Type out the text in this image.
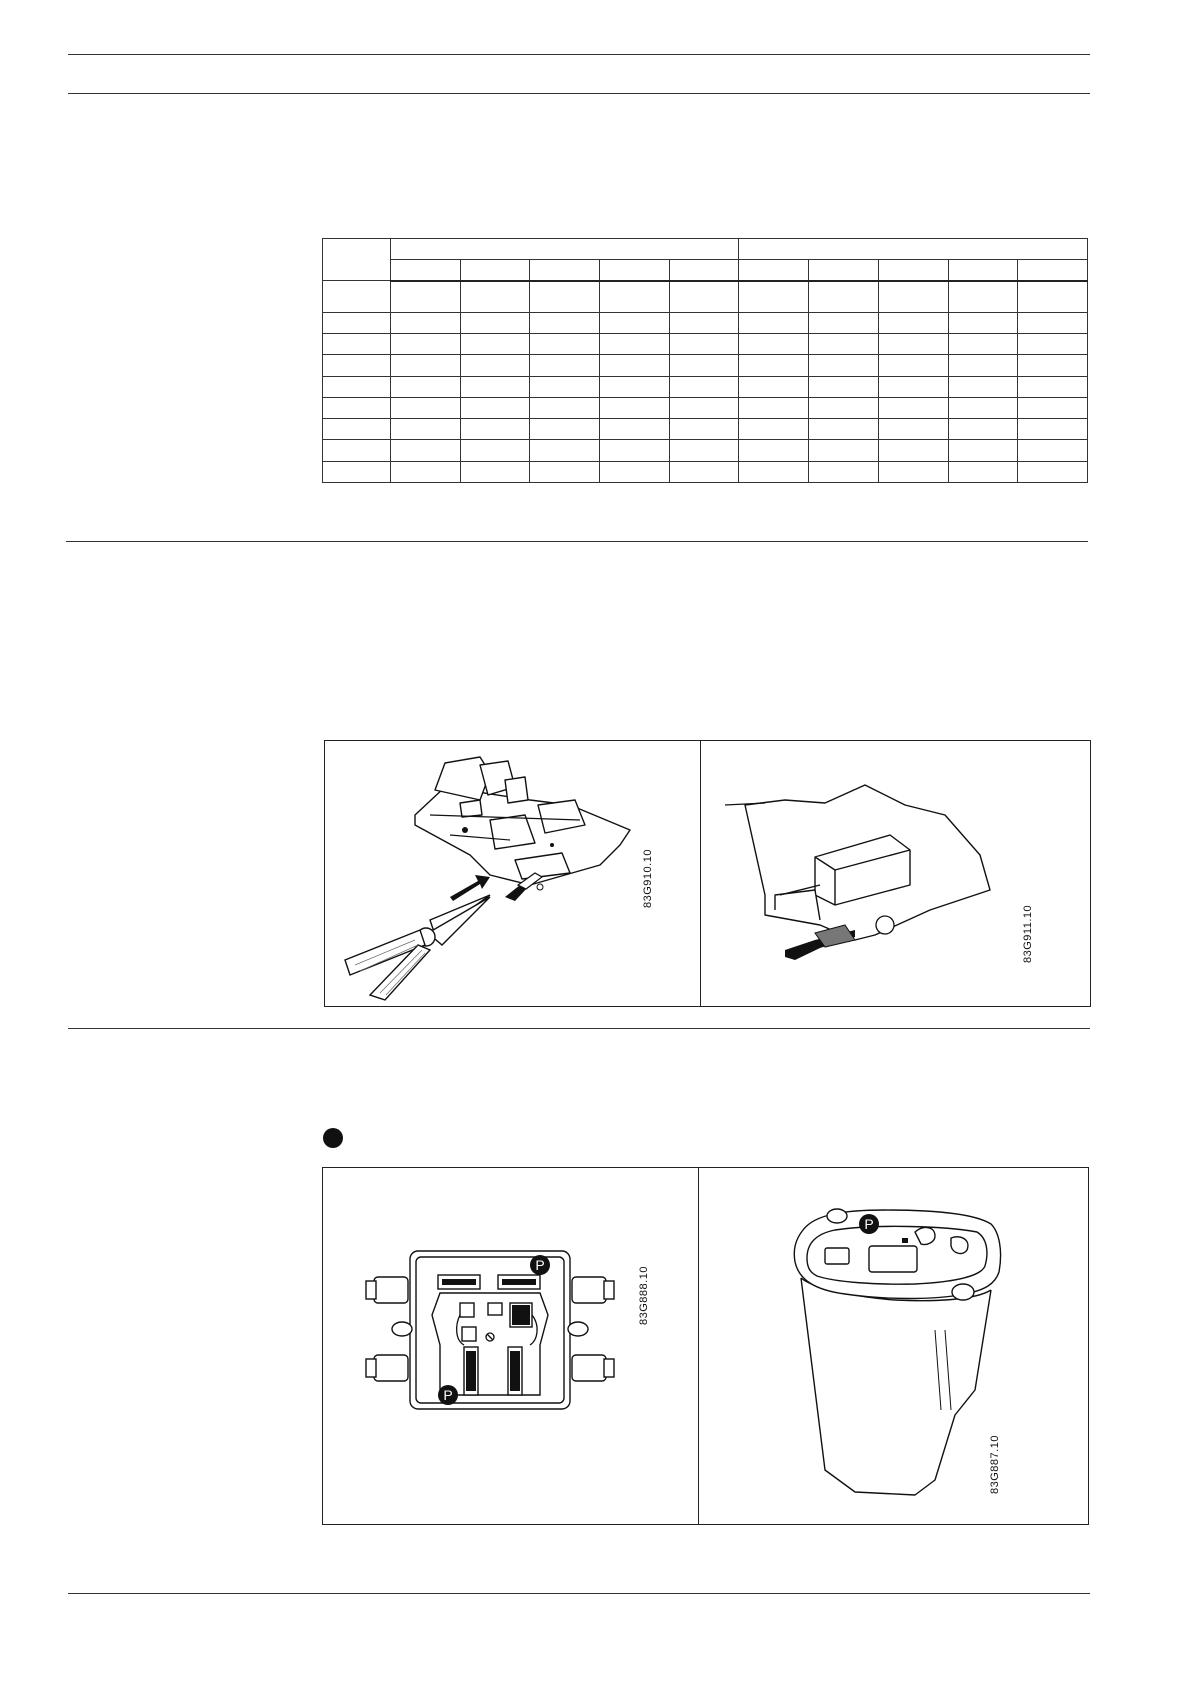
83G910.10
83G911.10
P
P
83G888.10
P
83G887.10
